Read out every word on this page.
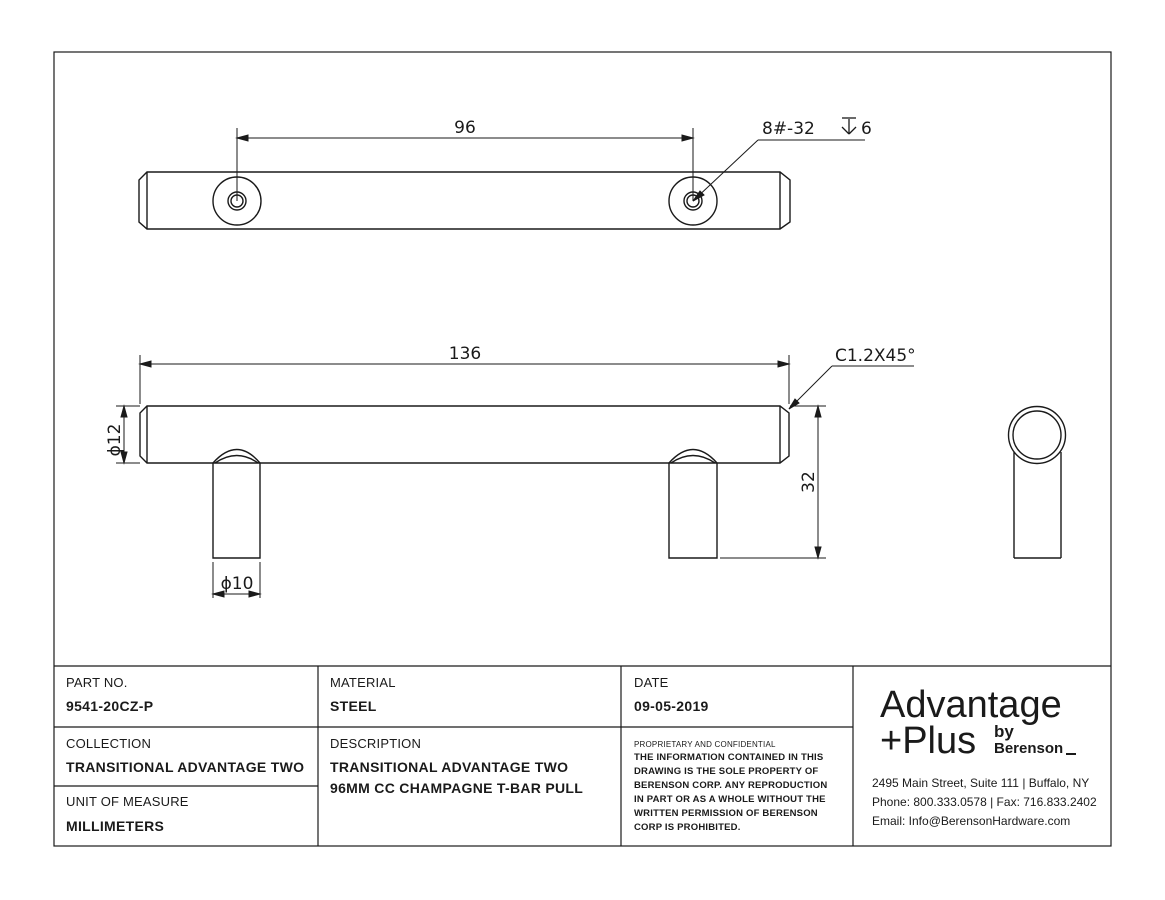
96	8#-32	6
136	C1.2X45°
ϕ12
32
ϕ10
PART NO.
9541-20CZ-P
MATERIAL
STEEL
DATE
09-05-2019
COLLECTION
TRANSITIONAL ADVANTAGE TWO
UNIT OF MEASURE
MILLIMETERS
DESCRIPTION
TRANSITIONAL ADVANTAGE TWO
96MM CC CHAMPAGNE T-BAR PULL
PROPRIETARY AND CONFIDENTIAL
THE INFORMATION CONTAINED IN THIS
DRAWING IS THE SOLE PROPERTY OF
BERENSON CORP. ANY REPRODUCTION
IN PART OR AS A WHOLE WITHOUT THE
WRITTEN PERMISSION OF BERENSON
CORP IS PROHIBITED.
Advantage
+Plus by
Berenson
2495 Main Street, Suite 111 | Buffalo, NY
Phone: 800.333.0578 | Fax: 716.833.2402
Email: Info@BerensonHardware.com
